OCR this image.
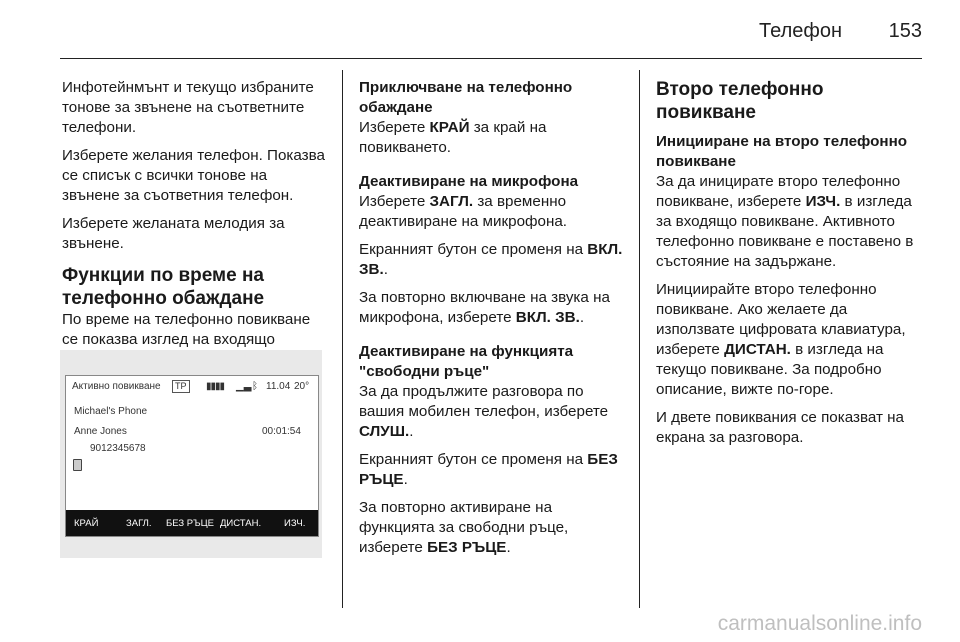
Телефон 153

Инфотейнмънт и текущо избраните тонове за звънене на съответните телефони.

Изберете желания телефон. Показва се списък с всички тонове на звънене за съответния телефон.

Изберете желаната мелодия за звънене.

Функции по време на телефонно обаждане

По време на телефонно повикване се показва изглед на входящо

Активно повикване	TP	▮▮▮▮ ▁▃ ᛒ 11.04 20°
Michael's Phone
Anne Jones	00:01:54
9012345678
КРАЙ	ЗАГЛ. БЕЗ РЪЦЕ ДИСТАН. ИЗЧ.
Приключване на телефонно обаждане

Изберете КРАЙ за край на повикването.

Деактивиране на микрофона

Изберете ЗАГЛ. за временно деактивиране на микрофона.

Екранният бутон се променя на ВКЛ. ЗВ..

За повторно включване на звука на микрофона, изберете ВКЛ. ЗВ..

Деактивиране на функцията "свободни ръце"

За да продължите разговора по вашия мобилен телефон, изберете СЛУШ..

Екранният бутон се променя на БЕЗ РЪЦЕ.

За повторно активиране на функцията за свободни ръце, изберете БЕЗ РЪЦЕ.

Второ телефонно повикване
Иницииране на второ телефонно повикване

За да иницирате второ телефонно повикване, изберете ИЗЧ. в изгледа за входящо повикване. Активното телефонно повикване е поставено в състояние на задържане.

Инициирайте второ телефонно повикване. Ако желаете да използвате цифровата клавиатура, изберете ДИСТАН. в изгледа на текущо повикване. За подробно описание, вижте по-горе.

И двете повиквания се показват на екрана за разговора.

carmanualsonline.info
